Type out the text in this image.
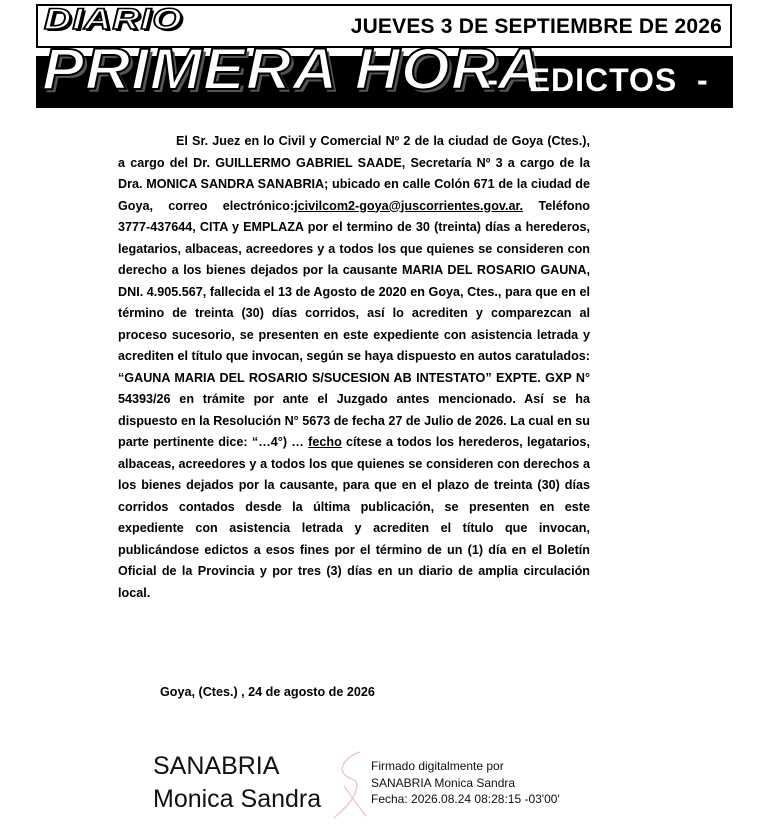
JUEVES 3 DE SEPTIEMBRE DE 2026
DIARIO
PRIMERA HORA
-   EDICTOS  -
El Sr. Juez en lo Civil y Comercial Nº 2 de la ciudad de Goya (Ctes.), a cargo del Dr. GUILLERMO GABRIEL SAADE, Secretaría Nº 3 a cargo de la Dra. MONICA SANDRA SANABRIA; ubicado en calle Colón 671 de la ciudad de Goya, correo electrónico:jcivilcom2-goya@juscorrientes.gov.ar. Teléfono 3777-437644, CITA y EMPLAZA por el termino de 30 (treinta) días a herederos, legatarios, albaceas, acreedores y a todos los que quienes se consideren con derecho a los bienes dejados por la causante MARIA DEL ROSARIO GAUNA, DNI. 4.905.567, fallecida el 13 de Agosto de 2020 en Goya, Ctes., para que en el término de treinta (30) días corridos, así lo acrediten y comparezcan al proceso sucesorio, se presenten en este expediente con asistencia letrada y acrediten el título que invocan, según se haya dispuesto en autos caratulados: “GAUNA MARIA DEL ROSARIO S/SUCESION AB INTESTATO” EXPTE. GXP N° 54393/26 en trámite por ante el Juzgado antes mencionado. Así se ha dispuesto en la Resolución N° 5673 de fecha 27 de Julio de 2026. La cual en su parte pertinente dice: “…4°) … fecho cítese a todos los herederos, legatarios, albaceas, acreedores y a todos los que quienes se consideren con derechos a los bienes dejados por la causante, para que en el plazo de treinta (30) días corridos contados desde la última publicación, se presenten en este expediente con asistencia letrada y acrediten el título que invocan, publicándose edictos a esos fines por el término de un (1) día en el Boletín Oficial de la Provincia y por tres (3) días en un diario de amplia circulación local.
Goya, (Ctes.) , 24 de agosto de 2026
SANABRIA
Monica Sandra
Firmado digitalmente por
SANABRIA Monica Sandra
Fecha: 2026.08.24 08:28:15 -03'00'
